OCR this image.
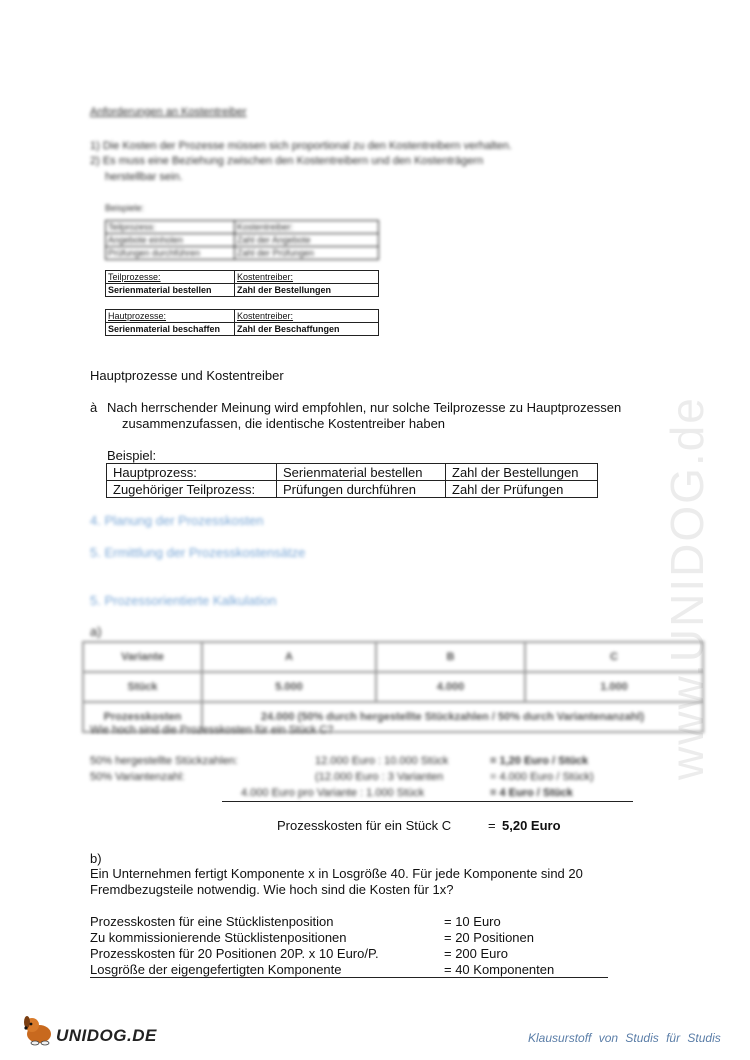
www.UNIDOG.de
Anforderungen an Kostentreiber
1) Die Kosten der Prozesse müssen sich proportional zu den Kostentreibern verhalten.
2) Es muss eine Beziehung zwischen den Kostentreibern und den Kostenträgern
herstellbar sein.
Beispiele:
Teilprozess:	Kostentreiber:
Angebote einholen	Zahl der Angebote
Prüfungen durchführen	Zahl der Prüfungen
Teilprozesse:	Kostentreiber:
Serienmaterial bestellen	Zahl der Bestellungen
Hautprozesse:	Kostentreiber:
Serienmaterial beschaffen	Zahl der Beschaffungen
Hauptprozesse und Kostentreiber
à Nach herrschender Meinung wird empfohlen, nur solche Teilprozesse zu Hauptprozessen
zusammenzufassen, die identische Kostentreiber haben
Beispiel:
Hauptprozess:	Serienmaterial bestellen	Zahl der Bestellungen
Zugehöriger Teilprozess:	Prüfungen durchführen	Zahl der Prüfungen
4. Planung der Prozesskosten
5. Ermittlung der Prozesskostensätze
5. Prozessorientierte Kalkulation
a)
Variante	A	B	C
Stück	5.000	4.000	1.000
Prozesskosten	24.000 (50% durch hergestellte Stückzahlen / 50% durch Variantenanzahl)		
Wie hoch sind die Prozesskosten für ein Stück C?
50% hergestellte Stückzahlen:	12.000 Euro : 10.000 Stück	= 1,20 Euro / Stück
50% Variantenzahl:	(12.000 Euro : 3 Varianten	= 4.000 Euro / Stück)
4.000 Euro pro Variante : 1.000 Stück	= 4 Euro / Stück
Prozesskosten für ein Stück C	= 5,20 Euro
b)
Ein Unternehmen fertigt Komponente x in Losgröße 40. Für jede Komponente sind 20
Fremdbezugsteile notwendig. Wie hoch sind die Kosten für 1x?
Prozesskosten für eine Stücklistenposition	= 10 Euro
Zu kommissionierende Stücklistenpositionen	= 20 Positionen
Prozesskosten für 20 Positionen 20P. x 10 Euro/P.	= 200 Euro
Losgröße der eigengefertigten Komponente	= 40 Komponenten
UNIDOG.DE	Klausurstoff von Studis für Studis
